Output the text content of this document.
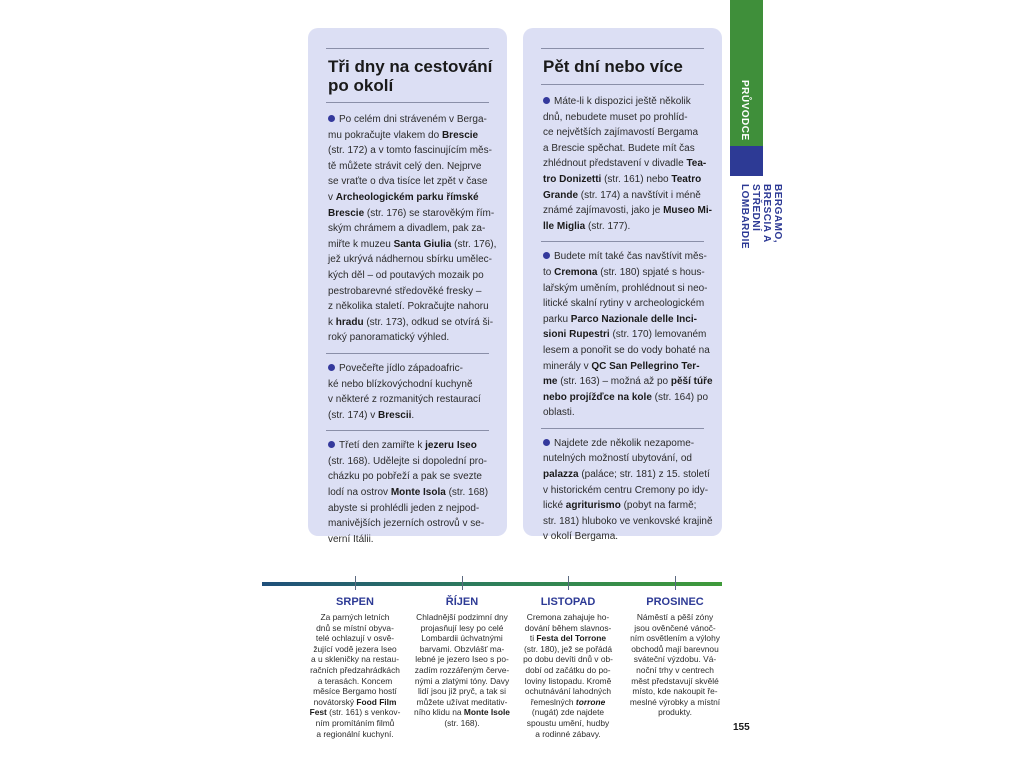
Tři dny na cestování
po okolí
Po celém dni stráveném v Berga-
mu pokračujte vlakem do Brescie
(str. 172) a v tomto fascinujícím měs-
tě můžete strávit celý den. Nejprve
se vraťte o dva tisíce let zpět v čase
v Archeologickém parku římské
Brescie (str. 176) se starověkým řím-
ským chrámem a divadlem, pak za-
miřte k muzeu Santa Giulia (str. 176),
jež ukrývá nádhernou sbírku umělec-
kých děl – od poutavých mozaik po
pestrobarevné středověké fresky –
z několika staletí. Pokračujte nahoru
k hradu (str. 173), odkud se otvírá ši-
roký panoramatický výhled.
Povečeřte jídlo západoafric-
ké nebo blízkovýchodní kuchyně
v některé z rozmanitých restaurací
(str. 174) v Brescii.
Třetí den zamiřte k jezeru Iseo
(str. 168). Udělejte si dopolední pro-
cházku po pobřeží a pak se svezte
lodí na ostrov Monte Isola (str. 168)
abyste si prohlédli jeden z nejpod-
manivějších jezerních ostrovů v se-
verní Itálii.
Pět dní nebo více
Máte-li k dispozici ještě několik
dnů, nebudete muset po prohlíd-
ce největších zajímavostí Bergama
a Brescie spěchat. Budete mít čas
zhlédnout představení v divadle Tea-
tro Donizetti (str. 161) nebo Teatro
Grande (str. 174) a navštívit i méně
známé zajímavosti, jako je Museo Mi-
lle Miglia (str. 177).
Budete mít také čas navštívit měs-
to Cremona (str. 180) spjaté s hous-
lařským uměním, prohlédnout si neo-
litické skalní rytiny v archeologickém
parku Parco Nazionale delle Inci-
sioni Rupestri (str. 170) lemovaném
lesem a ponořit se do vody bohaté na
minerály v QC San Pellegrino Ter-
me (str. 163) – možná až po pěší túře
nebo projížďce na kole (str. 164) po
oblasti.
Najdete zde několik nezapome-
nutelných možností ubytování, od
palazza (paláce; str. 181) z 15. století
v historickém centru Cremony po idy-
lické agriturismo (pobyt na farmě;
str. 181) hluboko ve venkovské krajině
v okolí Bergama.
PRŮVODCE
BERGAMO, BRESCIA A STŘEDNÍ LOMBARDIE
SRPEN	ŘÍJEN	LISTOPAD	PROSINEC
Za parných letních
dnů se místní obyva-
telé ochlazují v osvě-
žující vodě jezera Iseo
a u skleničky na restau-
račních předzahrádkách
a terasách. Koncem
měsíce Bergamo hostí
novátorský Food Film
Fest (str. 161) s venkov-
ním promítáním filmů
a regionální kuchyní.
Chladnější podzimní dny
projasňují lesy po celé
Lombardii úchvatnými
barvami. Obzvlášť ma-
lebné je jezero Iseo s po-
zadím rozzářeným červe-
nými a zlatými tóny. Davy
lidí jsou již pryč, a tak si
můžete užívat meditativ-
ního klidu na Monte Isole
(str. 168).
Cremona zahajuje ho-
dování během slavnos-
ti Festa del Torrone
(str. 180), jež se pořádá
po dobu devíti dnů v ob-
dobí od začátku do po-
loviny listopadu. Kromě
ochutnávání lahodných
řemeslných torrone
(nugát) zde najdete
spoustu umění, hudby
a rodinné zábavy.
Náměstí a pěší zóny
jsou ověnčené vánoč-
ním osvětlením a výlohy
obchodů mají barevnou
sváteční výzdobu. Vá-
noční trhy v centrech
měst představují skvělé
místo, kde nakoupit ře-
meslné výrobky a místní
produkty.
155
